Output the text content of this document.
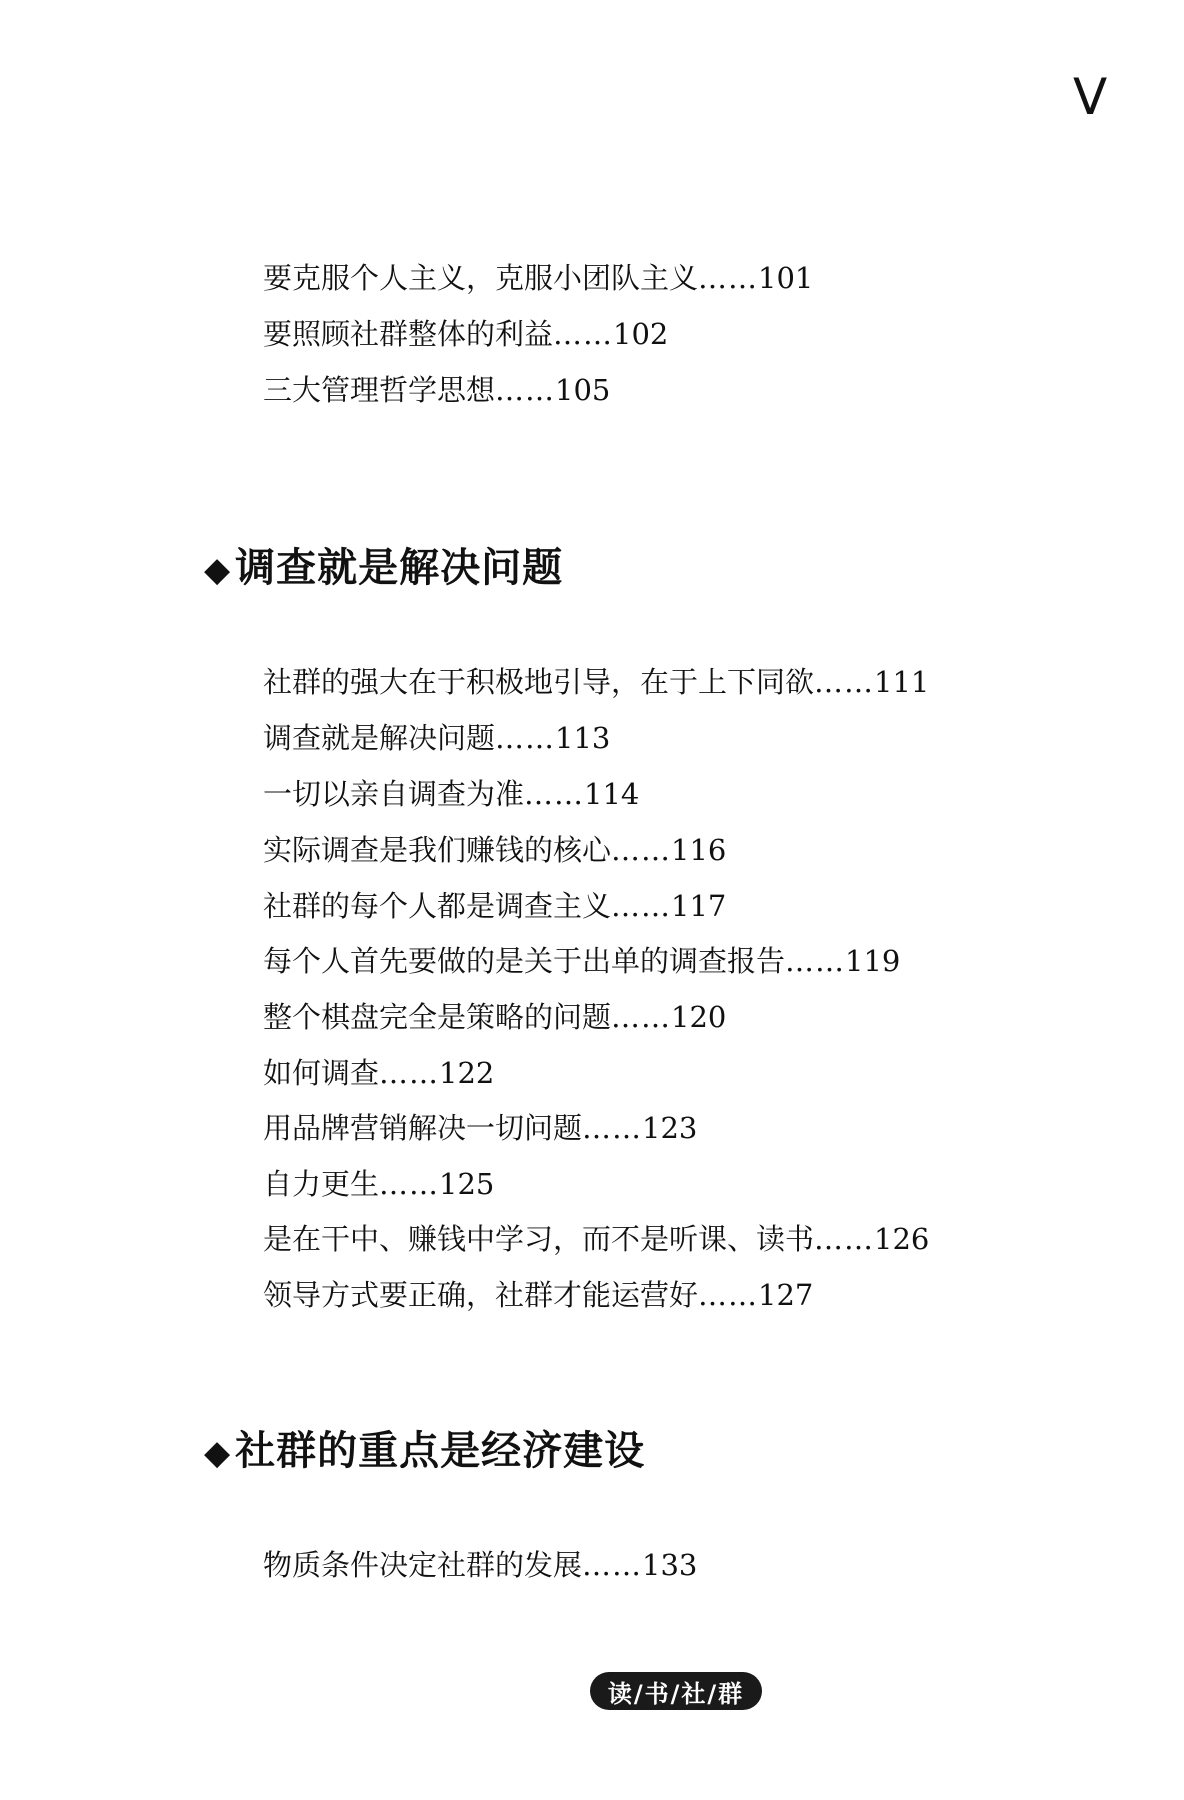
V
要克服个人主义，克服小团队主义……101
要照顾社群整体的利益……102
三大管理哲学思想……105
◆ 调查就是解决问题
社群的强大在于积极地引导，在于上下同欲……111
调查就是解决问题……113
一切以亲自调查为准……114
实际调查是我们赚钱的核心……116
社群的每个人都是调查主义……117
每个人首先要做的是关于出单的调查报告……119
整个棋盘完全是策略的问题……120
如何调查……122
用品牌营销解决一切问题……123
自力更生……125
是在干中、赚钱中学习，而不是听课、读书……126
领导方式要正确，社群才能运营好……127
◆ 社群的重点是经济建设
物质条件决定社群的发展……133
读/书/社/群
